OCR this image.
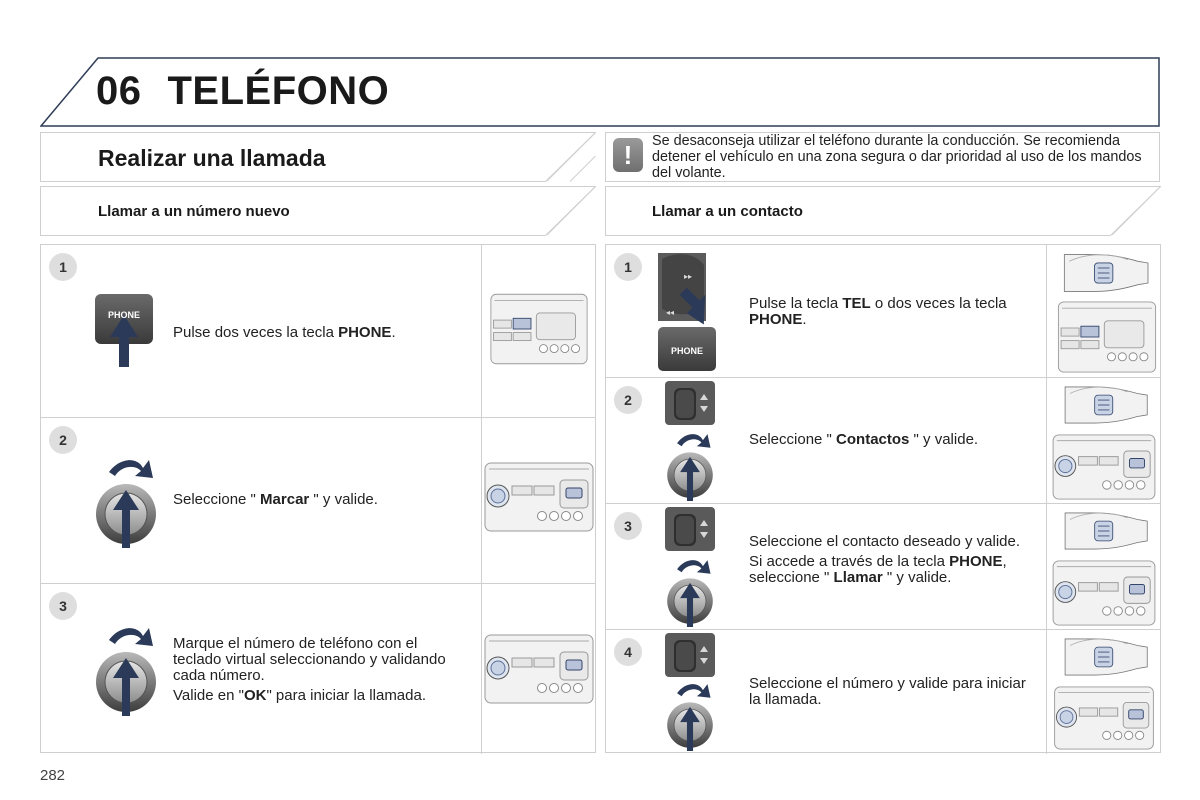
06 TELÉFONO
Realizar una llamada	!	Se desaconseja utilizar el teléfono durante la conducción. Se recomienda detener el vehículo en una zona segura o dar prioridad al uso de los mandos del volante.
Llamar a un número nuevo	Llamar a un contacto
1
PHONE
Pulse dos veces la tecla PHONE.
2
Seleccione " Marcar " y valide.
3

Marque el número de teléfono con el teclado virtual seleccionando y validando cada número.

Valide en "OK" para iniciar la llamada.

1
▸▸
◂◂
PHONE
Pulse la tecla TEL o dos veces la tecla PHONE.
2
Seleccione " Contactos " y valide.
3

Seleccione el contacto deseado y valide.

Si accede a través de la tecla PHONE, seleccione " Llamar " y valide.

4

Seleccione el número y valide para iniciar la llamada.

282
